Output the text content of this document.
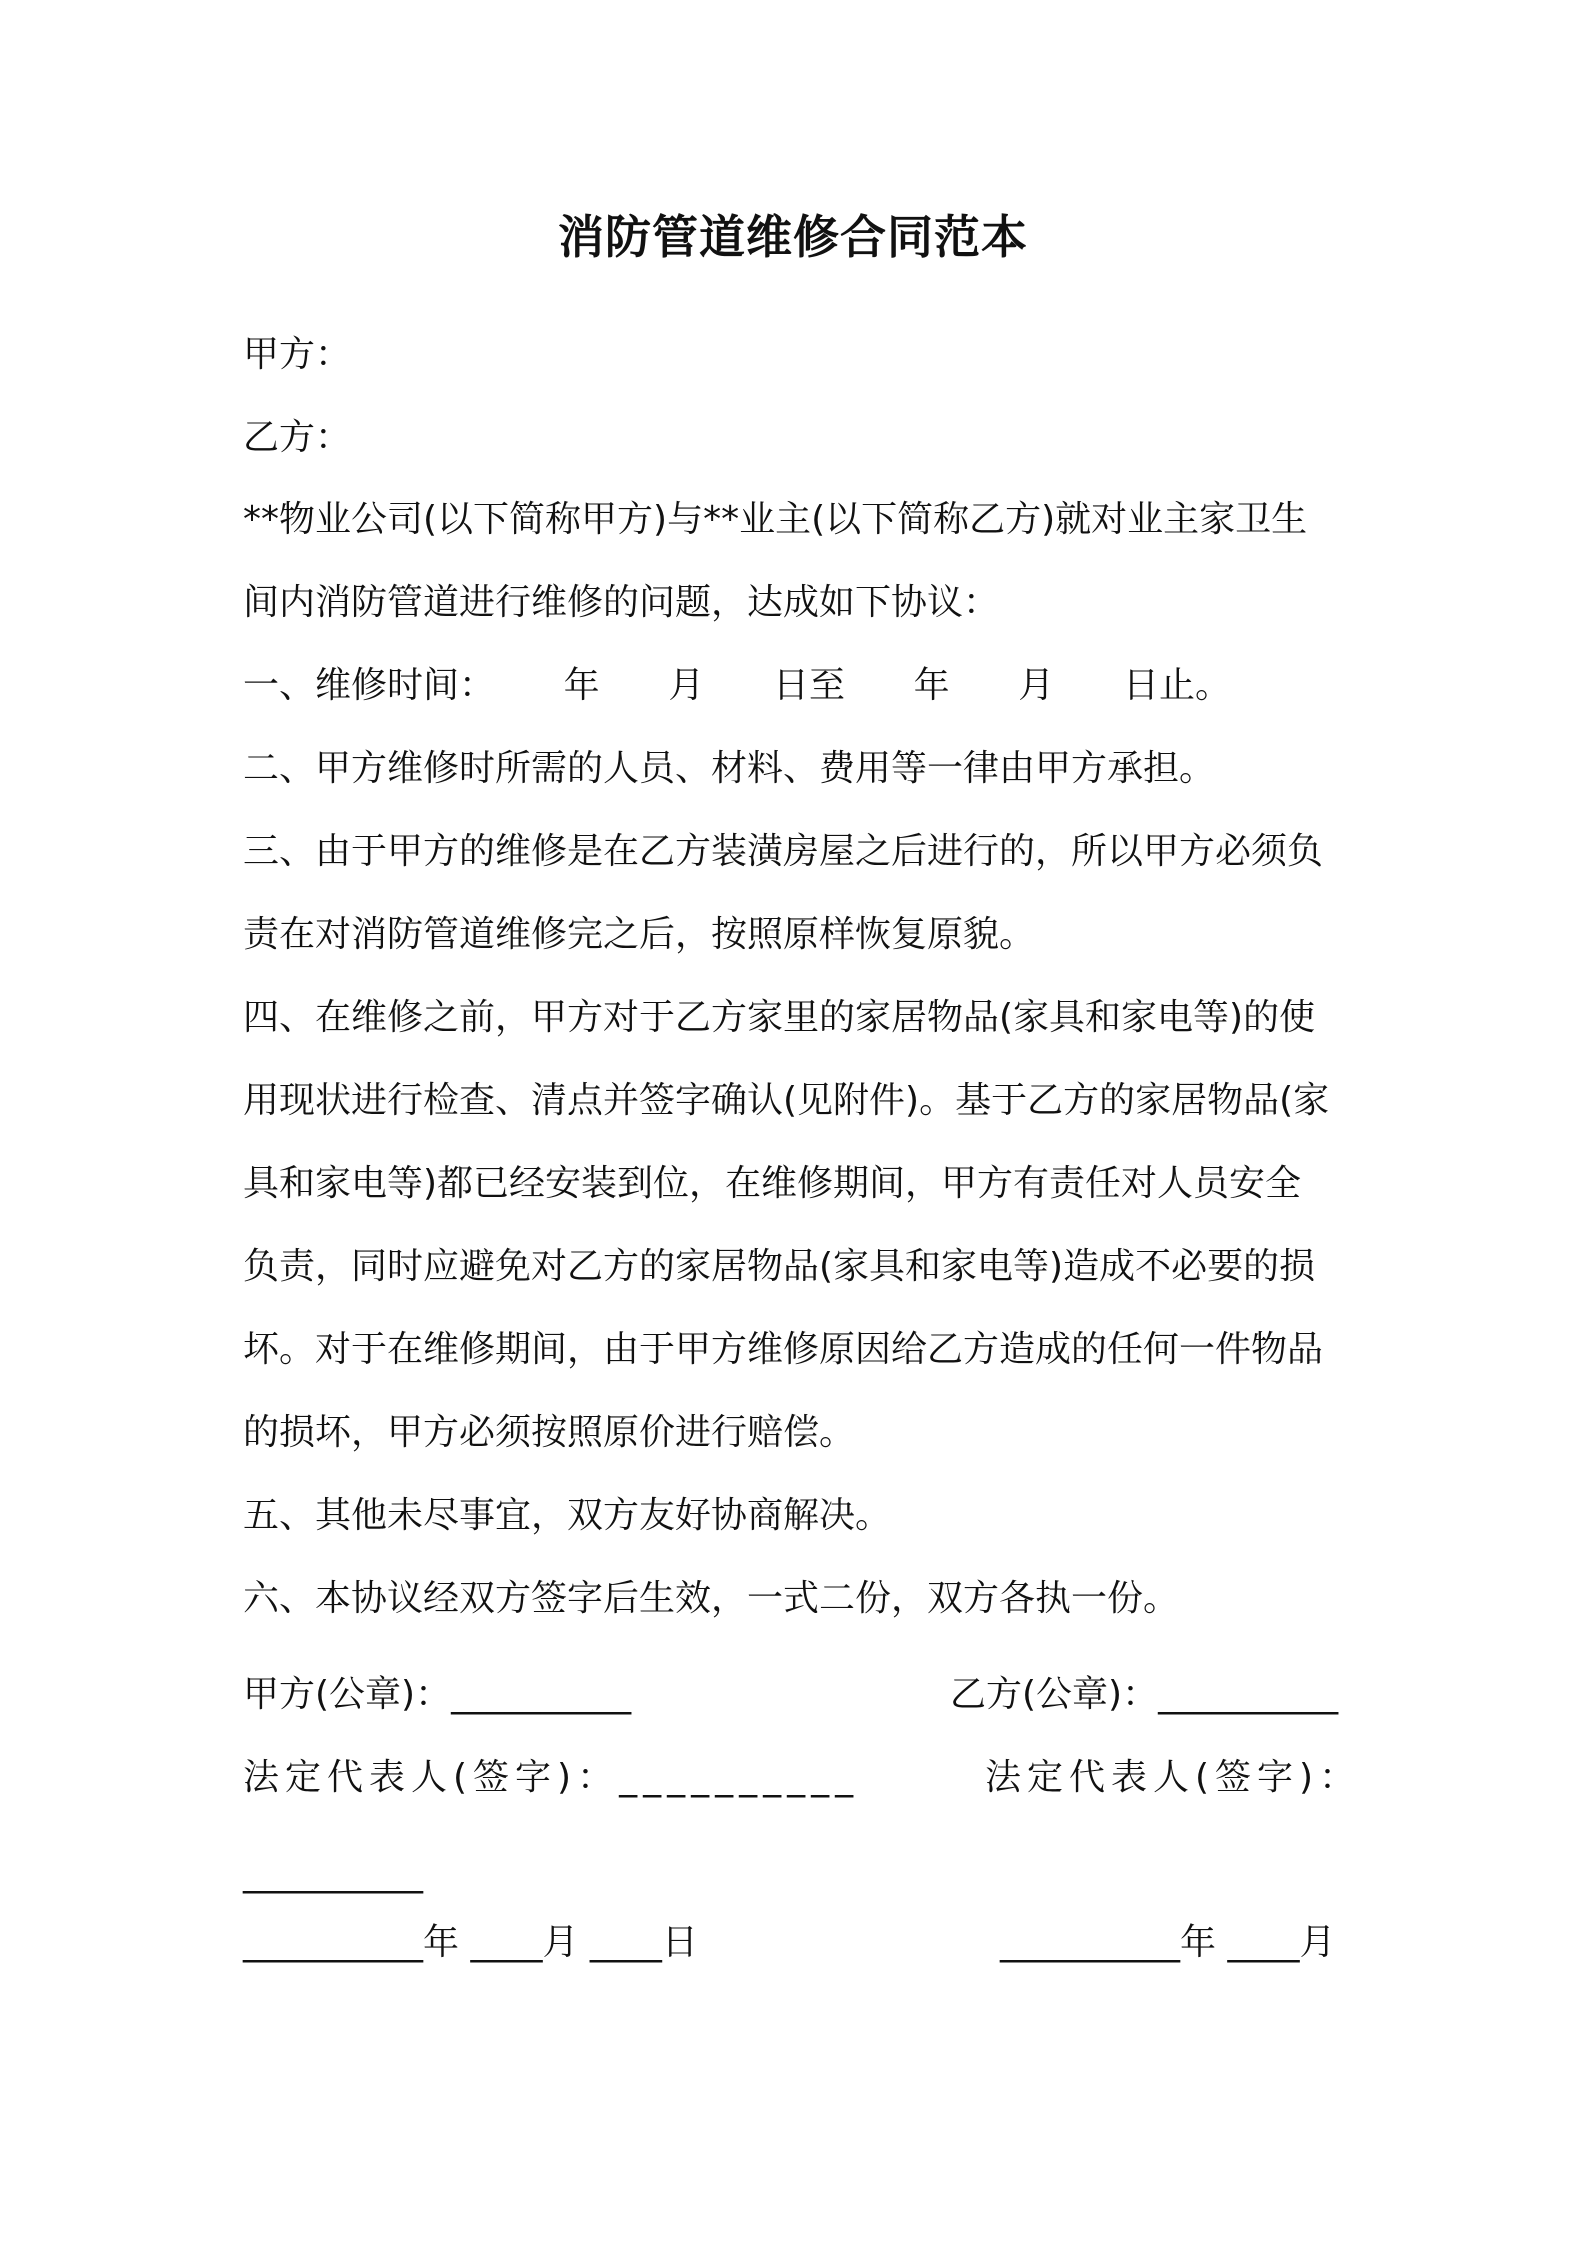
消防管道维修合同范本
甲方：
乙方：
**物业公司(以下简称甲方)与**业主(以下简称乙方)就对业主家卫生
间内消防管道进行维修的问题，达成如下协议：
一、维修时间：      年      月      日至      年      月      日止。
二、甲方维修时所需的人员、材料、费用等一律由甲方承担。
三、由于甲方的维修是在乙方装潢房屋之后进行的，所以甲方必须负
责在对消防管道维修完之后，按照原样恢复原貌。
四、在维修之前，甲方对于乙方家里的家居物品(家具和家电等)的使
用现状进行检查、清点并签字确认(见附件)。基于乙方的家居物品(家
具和家电等)都已经安装到位，在维修期间，甲方有责任对人员安全
负责，同时应避免对乙方的家居物品(家具和家电等)造成不必要的损
坏。对于在维修期间，由于甲方维修原因给乙方造成的任何一件物品
的损坏，甲方必须按照原价进行赔偿。
五、其他未尽事宜，双方友好协商解决。
六、本协议经双方签字后生效，一式二份，双方各执一份。
甲方(公章)：__________	乙方(公章)：__________
法定代表人(签字)：__________	法定代表人(签字)：
__________
__________年 ____月 ____日	__________年 ____月
